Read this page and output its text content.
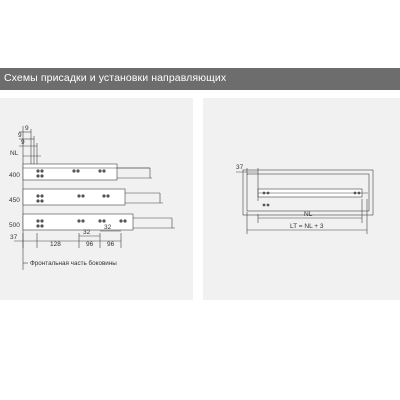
Схемы присадки и установки направляющих
9
9
9
NL
400
450
500
37
32
32
128	96 96
Фронтальная часть боковины
37
NL
LT = NL + 3
